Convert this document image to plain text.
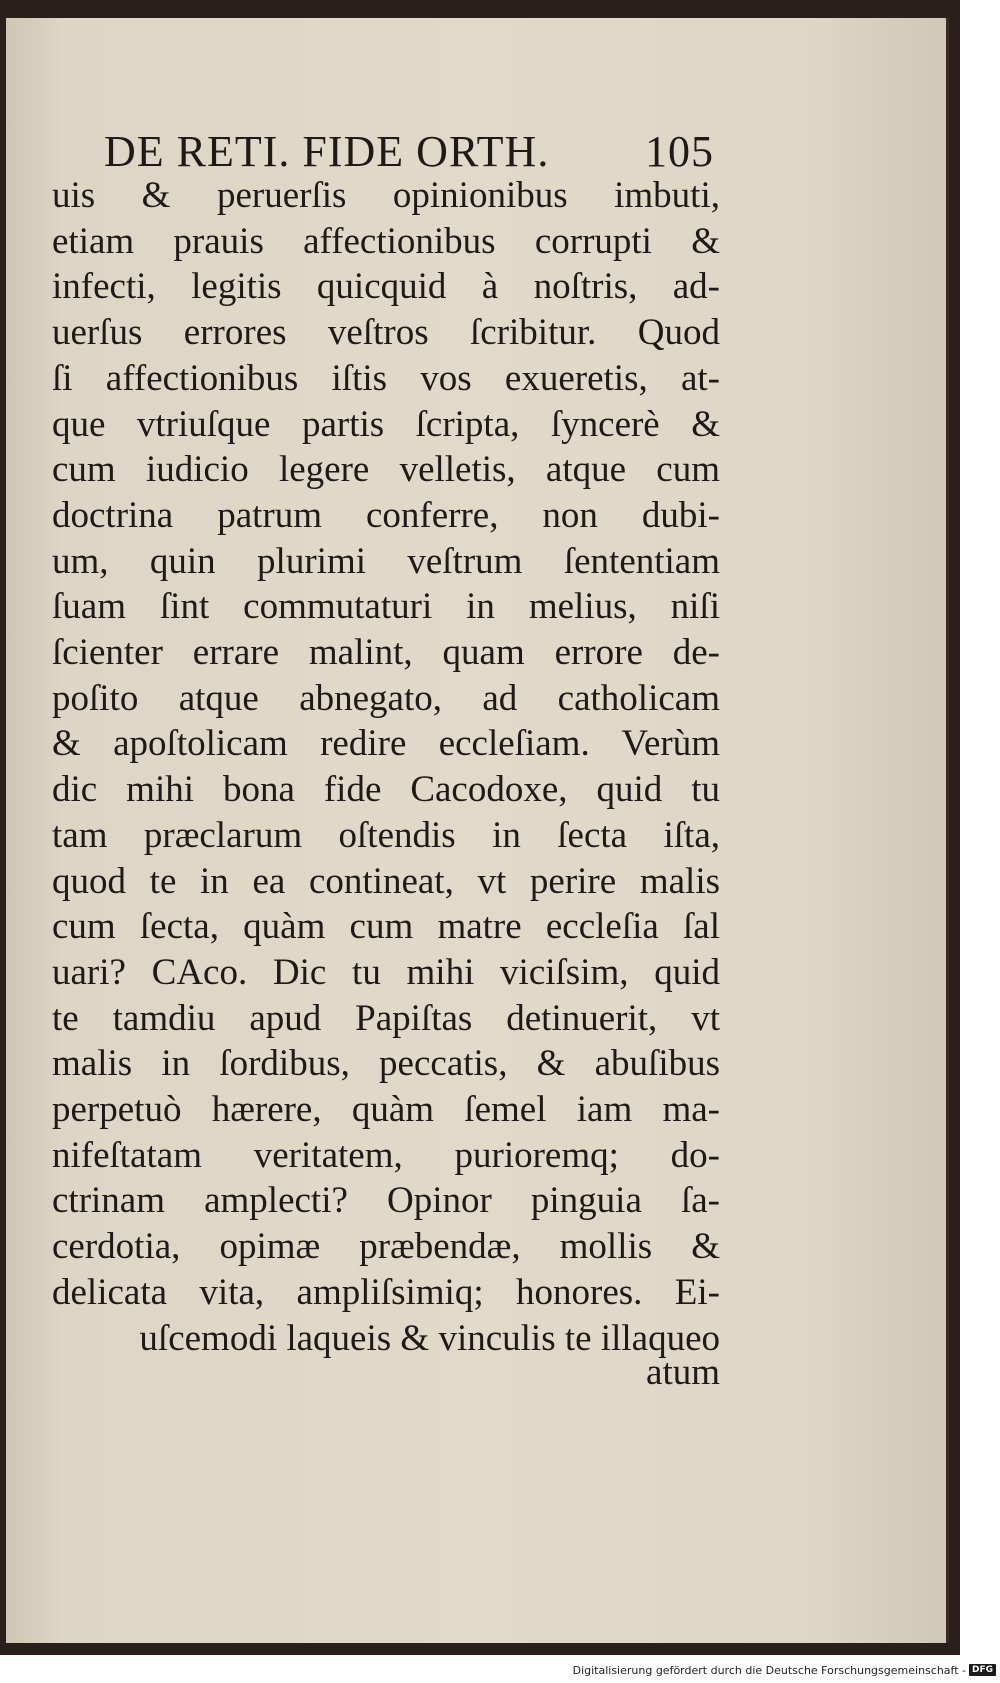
DE RETI. FIDE ORTH. 105
uis & peruerſis opinionibus imbuti,
etiam prauis affectionibus corrupti &
infecti, legitis quicquid à noſtris, ad-
uerſus errores veſtros ſcribitur. Quod
ſi affectionibus iſtis vos exueretis, at-
que vtriuſque partis ſcripta, ſyncerè &
cum iudicio legere velletis, atque cum
doctrina patrum conferre, non dubi-
um, quin plurimi veſtrum ſententiam
ſuam ſint commutaturi in melius, niſi
ſcienter errare malint, quam errore de-
poſito atque abnegato, ad catholicam
& apoſtolicam redire eccleſiam. Verùm
dic mihi bona fide Cacodoxe, quid tu
tam præclarum oſtendis in ſecta iſta,
quod te in ea contineat, vt perire malis
cum ſecta, quàm cum matre eccleſia ſal
uari? CAco. Dic tu mihi viciſsim, quid
te tamdiu apud Papiſtas detinuerit, vt
malis in ſordibus, peccatis, & abuſibus
perpetuò hærere, quàm ſemel iam ma-
nifeſtatam veritatem, purioremq; do-
ctrinam amplecti? Opinor pinguia ſa-
cerdotia, opimæ præbendæ, mollis &
delicata vita, ampliſsimiq; honores. Ei-
uſcemodi laqueis & vinculis te illaqueo
atum
Digitalisierung gefördert durch die Deutsche Forschungsgemeinschaft - DFG
